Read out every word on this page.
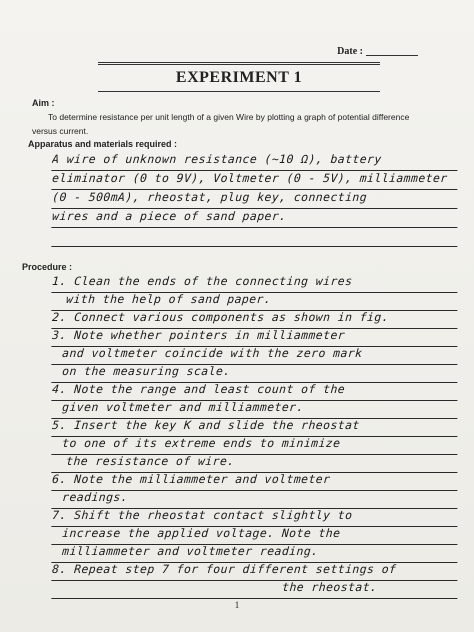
Date :
EXPERIMENT 1
Aim :
To determine resistance per unit length of a given Wire by plotting a graph of potential difference
versus current.
Apparatus and materials required :
A wire of unknown resistance (~10 Ω), battery
eliminator (0 to 9V), Voltmeter (0 - 5V), milliammeter
(0 - 500mA), rheostat, plug key, connecting
wires and a piece of sand paper.
Procedure :
1. Clean the ends of the connecting wires
with the help of sand paper.
2. Connect various components as shown in fig.
3. Note whether pointers in milliammeter
and voltmeter coincide with the zero mark
on the measuring scale.
4. Note the range and least count of the
given voltmeter and milliammeter.
5. Insert the key K and slide the rheostat
to one of its extreme ends to minimize
the resistance of wire.
6. Note the milliammeter and voltmeter
readings.
7. Shift the rheostat contact slightly to
increase the applied voltage. Note the
milliammeter and voltmeter reading.
8. Repeat step 7 for four different settings of
the rheostat.
1
